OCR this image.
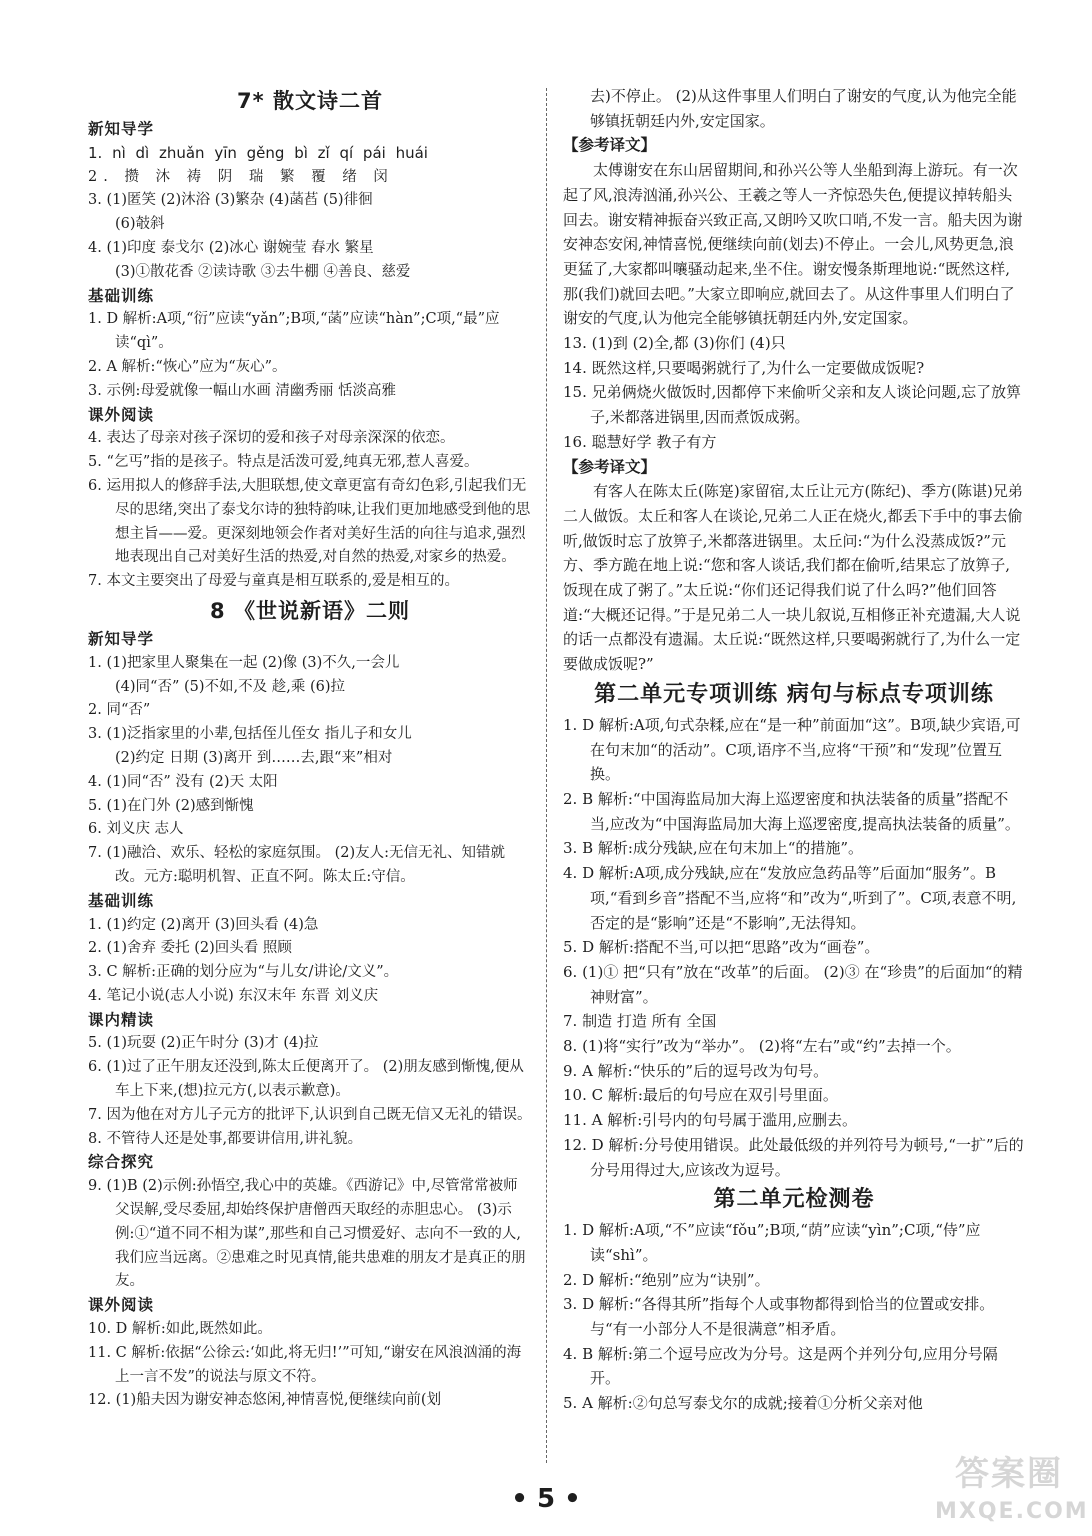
7* 散文诗二首

新知导学

1. nì dì zhuǎn yīn gěng bì zǐ qí pái huái

2. 攒 沐 祷 阴 瑞 繁 覆 绪 闵

3. (1)匿笑 (2)沐浴 (3)繁杂 (4)菡萏 (5)徘徊

(6)攲斜

4. (1)印度 泰戈尔 (2)冰心 谢婉莹 春水 繁星

(3)①散花香 ②读诗歌 ③去牛棚 ④善良、慈爱

基础训练

1. D 解析:A项,“衍”应读“yǎn”;B项,“菡”应读“hàn”;C项,“最”应读“qì”。

2. A 解析:“恢心”应为“灰心”。

3. 示例:母爱就像一幅山水画 清幽秀丽 恬淡高雅

课外阅读

4. 表达了母亲对孩子深切的爱和孩子对母亲深深的依恋。

5. “乞丐”指的是孩子。特点是活泼可爱,纯真无邪,惹人喜爱。

6. 运用拟人的修辞手法,大胆联想,使文章更富有奇幻色彩,引起我们无尽的思绪,突出了泰戈尔诗的独特韵味,让我们更加地感受到他的思想主旨——爱。更深刻地领会作者对美好生活的向往与追求,强烈地表现出自己对美好生活的热爱,对自然的热爱,对家乡的热爱。

7. 本文主要突出了母爱与童真是相互联系的,爱是相互的。

8 《世说新语》二则

新知导学

1. (1)把家里人聚集在一起 (2)像 (3)不久,一会儿

(4)同“否” (5)不如,不及 趁,乘 (6)拉

2. 同“否”

3. (1)泛指家里的小辈,包括侄儿侄女 指儿子和女儿

(2)约定 日期 (3)离开 到……去,跟“来”相对

4. (1)同“否” 没有 (2)天 太阳

5. (1)在门外 (2)感到惭愧

6. 刘义庆 志人

7. (1)融洽、欢乐、轻松的家庭氛围。 (2)友人:无信无礼、知错就改。元方:聪明机智、正直不阿。陈太丘:守信。

基础训练

1. (1)约定 (2)离开 (3)回头看 (4)急

2. (1)舍弃 委托 (2)回头看 照顾

3. C 解析:正确的划分应为“与儿女/讲论/文义”。

4. 笔记小说(志人小说) 东汉末年 东晋 刘义庆

课内精读

5. (1)玩耍 (2)正午时分 (3)才 (4)拉

6. (1)过了正午朋友还没到,陈太丘便离开了。 (2)朋友感到惭愧,便从车上下来,(想)拉元方(,以表示歉意)。

7. 因为他在对方儿子元方的批评下,认识到自己既无信又无礼的错误。

8. 不管待人还是处事,都要讲信用,讲礼貌。

综合探究

9. (1)B (2)示例:孙悟空,我心中的英雄。《西游记》中,尽管常常被师父误解,受尽委屈,却始终保护唐僧西天取经的赤胆忠心。 (3)示例:①“道不同不相为谋”,那些和自己习惯爱好、志向不一致的人,我们应当远离。②患难之时见真情,能共患难的朋友才是真正的朋友。

课外阅读

10. D 解析:如此,既然如此。

11. C 解析:依据“公徐云:‘如此,将无归!’”可知,“谢安在风浪汹涌的海上一言不发”的说法与原文不符。

12. (1)船夫因为谢安神态悠闲,神情喜悦,便继续向前(划

去)不停止。 (2)从这件事里人们明白了谢安的气度,认为他完全能够镇抚朝廷内外,安定国家。

【参考译文】

太傅谢安在东山居留期间,和孙兴公等人坐船到海上游玩。有一次起了风,浪涛汹涌,孙兴公、王羲之等人一齐惊恐失色,便提议掉转船头回去。谢安精神振奋兴致正高,又朗吟又吹口哨,不发一言。船夫因为谢安神态安闲,神情喜悦,便继续向前(划去)不停止。一会儿,风势更急,浪更猛了,大家都叫嚷骚动起来,坐不住。谢安慢条斯理地说:“既然这样,那(我们)就回去吧。”大家立即响应,就回去了。从这件事里人们明白了谢安的气度,认为他完全能够镇抚朝廷内外,安定国家。

13. (1)到 (2)全,都 (3)你们 (4)只

14. 既然这样,只要喝粥就行了,为什么一定要做成饭呢?

15. 兄弟俩烧火做饭时,因都停下来偷听父亲和友人谈论问题,忘了放箅子,米都落进锅里,因而煮饭成粥。

16. 聪慧好学 教子有方

【参考译文】

有客人在陈太丘(陈寔)家留宿,太丘让元方(陈纪)、季方(陈谌)兄弟二人做饭。太丘和客人在谈论,兄弟二人正在烧火,都丢下手中的事去偷听,做饭时忘了放箅子,米都落进锅里。太丘问:“为什么没蒸成饭?”元方、季方跪在地上说:“您和客人谈话,我们都在偷听,结果忘了放箅子,饭现在成了粥了。”太丘说:“你们还记得我们说了什么吗?”他们回答道:“大概还记得。”于是兄弟二人一块儿叙说,互相修正补充遗漏,大人说的话一点都没有遗漏。太丘说:“既然这样,只要喝粥就行了,为什么一定要做成饭呢?”

第二单元专项训练 病句与标点专项训练

1. D 解析:A项,句式杂糅,应在“是一种”前面加“这”。B项,缺少宾语,可在句末加“的活动”。C项,语序不当,应将“干预”和“发现”位置互换。

2. B 解析:“中国海监局加大海上巡逻密度和执法装备的质量”搭配不当,应改为“中国海监局加大海上巡逻密度,提高执法装备的质量”。

3. B 解析:成分残缺,应在句末加上“的措施”。

4. D 解析:A项,成分残缺,应在“发放应急药品等”后面加“服务”。B项,“看到乡音”搭配不当,应将“和”改为“,听到了”。C项,表意不明,否定的是“影响”还是“不影响”,无法得知。

5. D 解析:搭配不当,可以把“思路”改为“画卷”。

6. (1)① 把“只有”放在“改革”的后面。 (2)③ 在“珍贵”的后面加“的精神财富”。

7. 制造 打造 所有 全国

8. (1)将“实行”改为“举办”。 (2)将“左右”或“约”去掉一个。

9. A 解析:“快乐的”后的逗号改为句号。

10. C 解析:最后的句号应在双引号里面。

11. A 解析:引号内的句号属于滥用,应删去。

12. D 解析:分号使用错误。此处最低级的并列符号为顿号,“一扩”后的分号用得过大,应该改为逗号。

第二单元检测卷

1. D 解析:A项,“不”应读“fǒu”;B项,“荫”应读“yìn”;C项,“侍”应读“shì”。

2. D 解析:“绝别”应为“诀别”。

3. D 解析:“各得其所”指每个人或事物都得到恰当的位置或安排。与“有一小部分人不是很满意”相矛盾。

4. B 解析:第二个逗号应改为分号。这是两个并列分句,应用分号隔开。

5. A 解析:②句总写泰戈尔的成就;接着①分析父亲对他

• 5 •
答案圈
MXQE.COM
